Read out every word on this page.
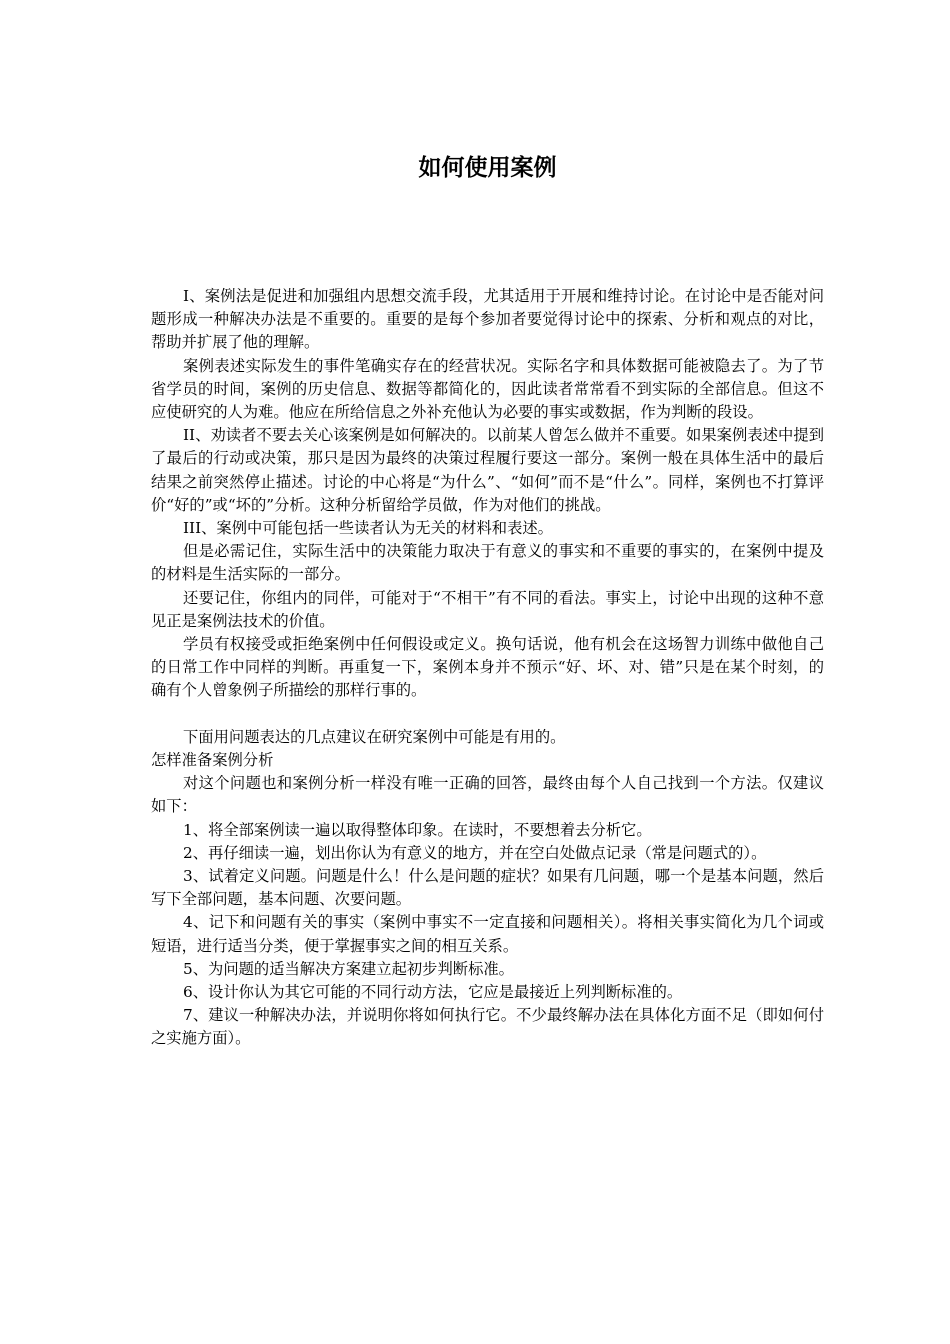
如何使用案例

I、案例法是促进和加强组内思想交流手段，尤其适用于开展和维持讨论。在讨论中是否能对问题形成一种解决办法是不重要的。重要的是每个参加者要觉得讨论中的探索、分析和观点的对比，帮助并扩展了他的理解。

案例表述实际发生的事件笔确实存在的经营状况。实际名字和具体数据可能被隐去了。为了节省学员的时间，案例的历史信息、数据等都简化的，因此读者常常看不到实际的全部信息。但这不应使研究的人为难。他应在所给信息之外补充他认为必要的事实或数据，作为判断的段设。

II、劝读者不要去关心该案例是如何解决的。以前某人曾怎么做并不重要。如果案例表述中提到了最后的行动或决策，那只是因为最终的决策过程履行要这一部分。案例一般在具体生活中的最后结果之前突然停止描述。讨论的中心将是“为什么”、“如何”而不是“什么”。同样，案例也不打算评价“好的”或“坏的”分析。这种分析留给学员做，作为对他们的挑战。

III、案例中可能包括一些读者认为无关的材料和表述。

但是必需记住，实际生活中的决策能力取决于有意义的事实和不重要的事实的，在案例中提及的材料是生活实际的一部分。

还要记住，你组内的同伴，可能对于“不相干”有不同的看法。事实上，讨论中出现的这种不意见正是案例法技术的价值。

学员有权接受或拒绝案例中任何假设或定义。换句话说，他有机会在这场智力训练中做他自己的日常工作中同样的判断。再重复一下，案例本身并不预示“好、坏、对、错”只是在某个时刻，的确有个人曾象例子所描绘的那样行事的。

下面用问题表达的几点建议在研究案例中可能是有用的。

怎样准备案例分析

对这个问题也和案例分析一样没有唯一正确的回答，最终由每个人自己找到一个方法。仅建议如下：

1、将全部案例读一遍以取得整体印象。在读时，不要想着去分析它。

2、再仔细读一遍，划出你认为有意义的地方，并在空白处做点记录（常是问题式的）。

3、试着定义问题。问题是什么！什么是问题的症状？如果有几问题，哪一个是基本问题，然后写下全部问题，基本问题、次要问题。

4、记下和问题有关的事实（案例中事实不一定直接和问题相关）。将相关事实简化为几个词或短语，进行适当分类，便于掌握事实之间的相互关系。

5、为问题的适当解决方案建立起初步判断标准。

6、设计你认为其它可能的不同行动方法，它应是最接近上列判断标准的。

7、建议一种解决办法，并说明你将如何执行它。不少最终解办法在具体化方面不足（即如何付之实施方面）。
